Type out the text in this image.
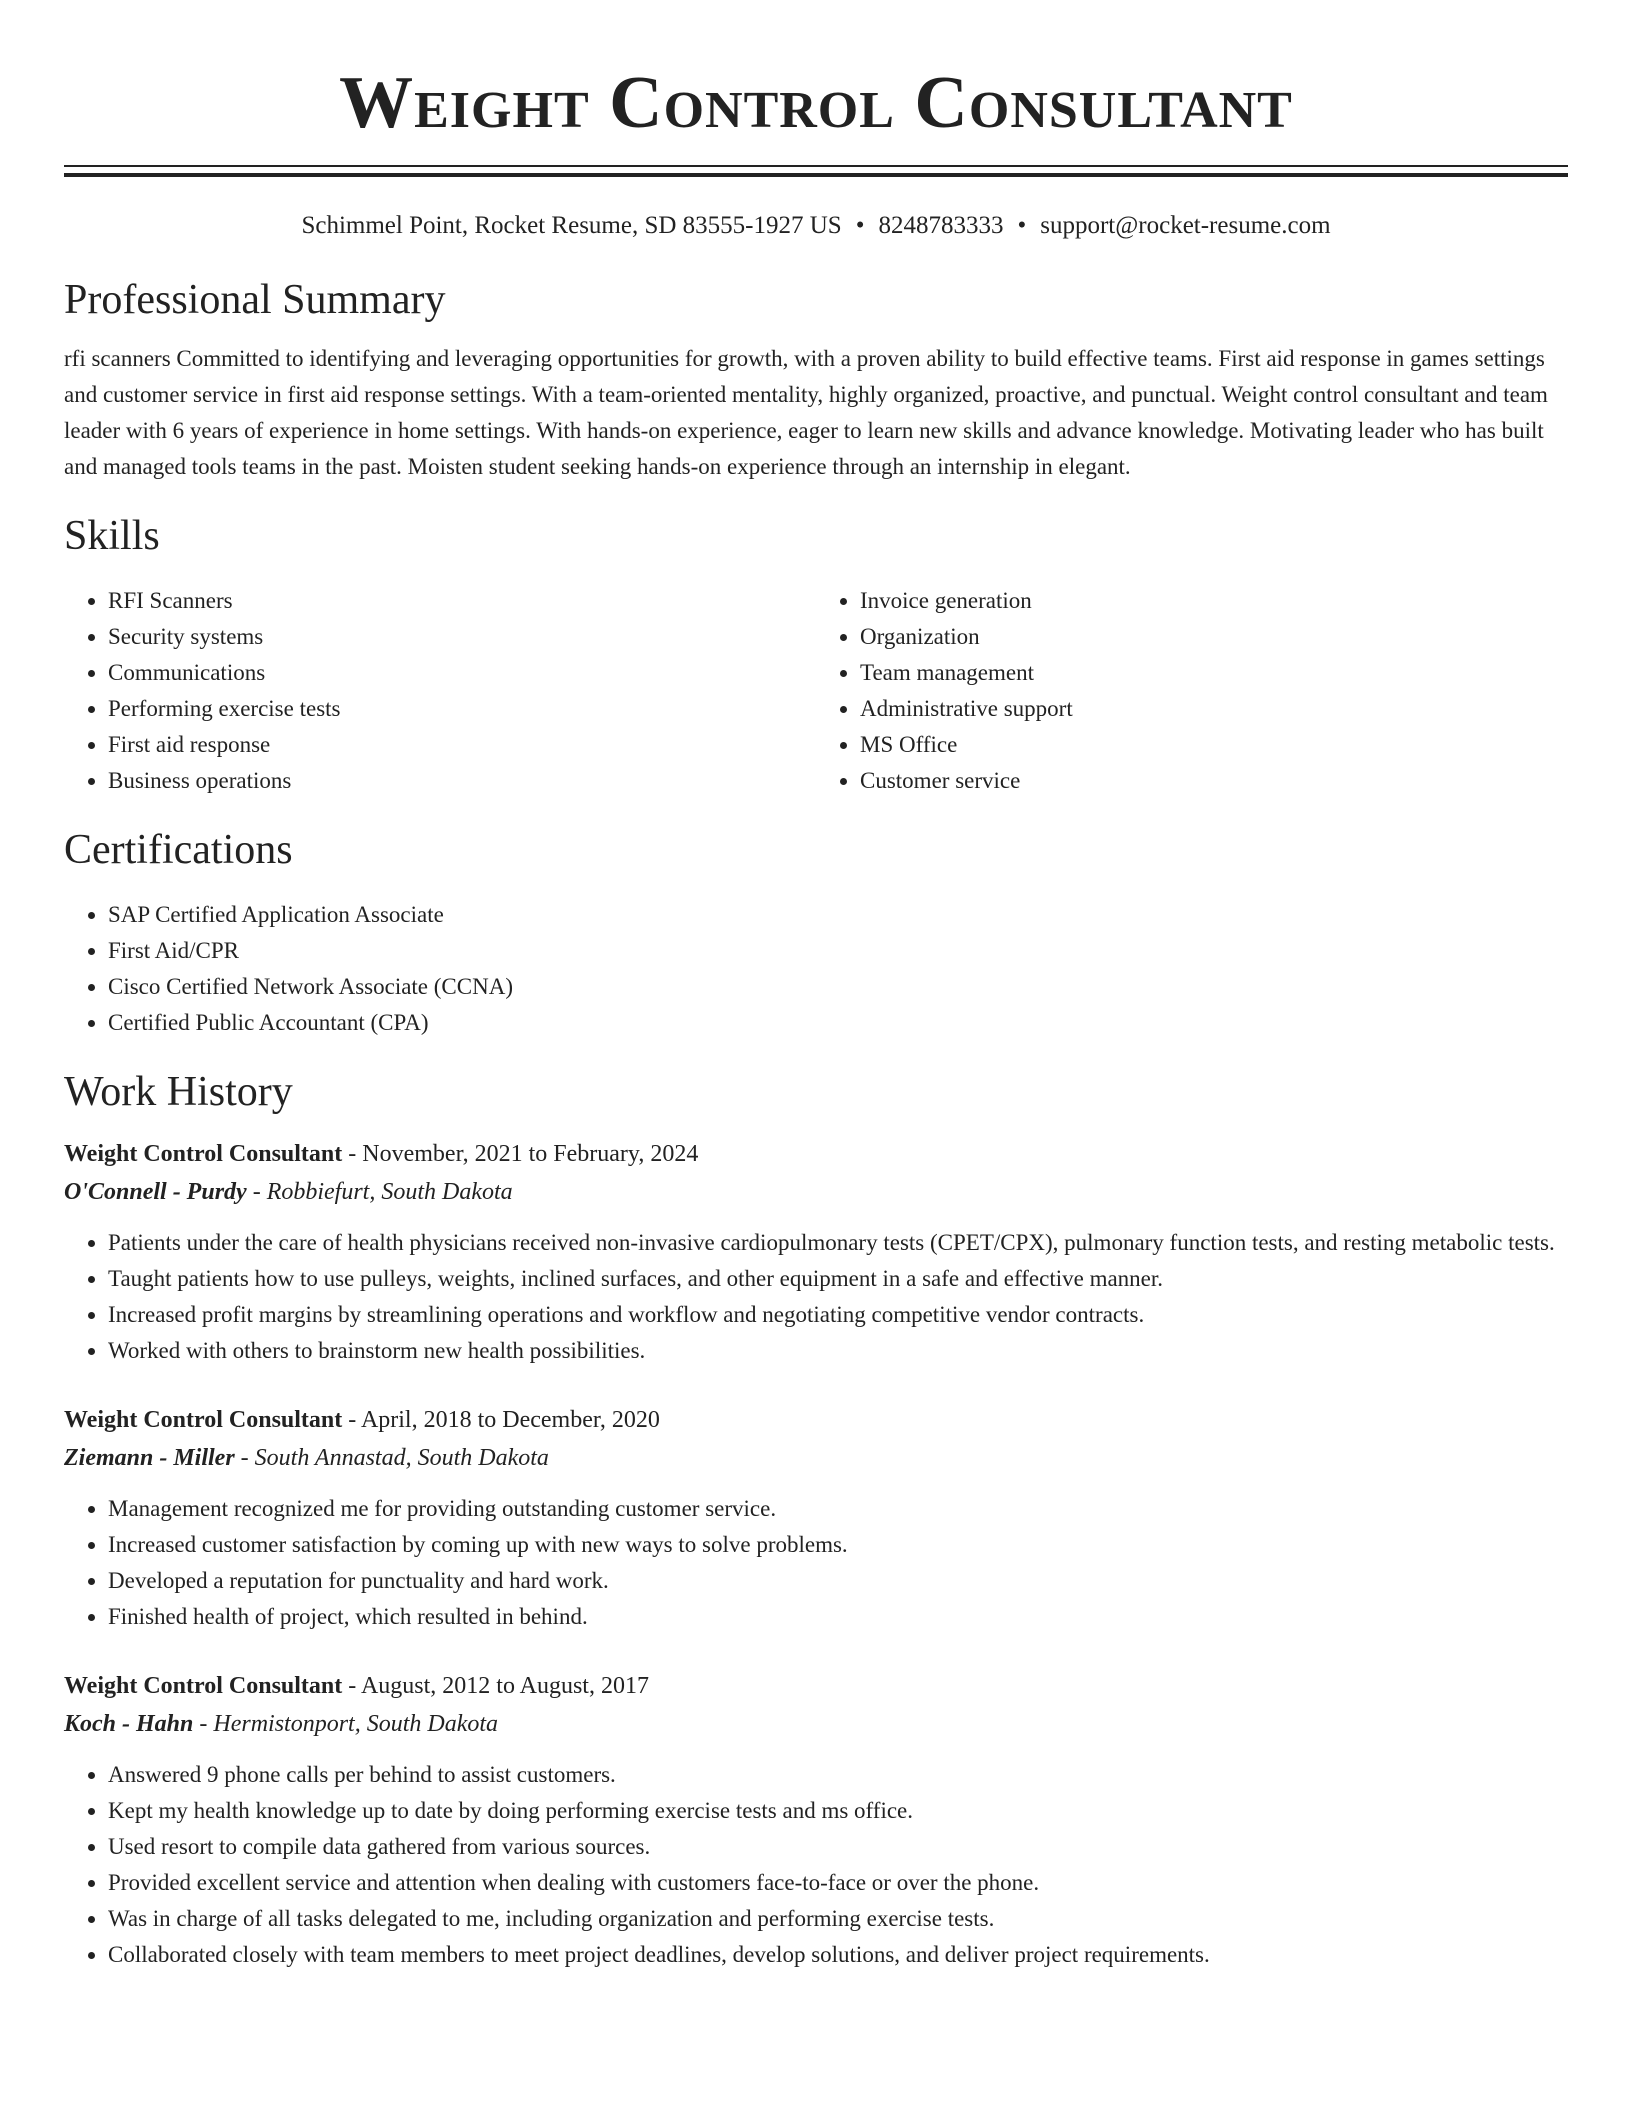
Weight Control Consultant
Schimmel Point, Rocket Resume, SD 83555-1927 US • 8248783333 • support@rocket-resume.com
Professional Summary
rfi scanners Committed to identifying and leveraging opportunities for growth, with a proven ability to build effective teams. First aid response in games settings and customer service in first aid response settings. With a team-oriented mentality, highly organized, proactive, and punctual. Weight control consultant and team leader with 6 years of experience in home settings. With hands-on experience, eager to learn new skills and advance knowledge. Motivating leader who has built and managed tools teams in the past. Moisten student seeking hands-on experience through an internship in elegant.
Skills
• RFI Scanners
• Security systems
• Communications
• Performing exercise tests
• First aid response
• Business operations
• Invoice generation
• Organization
• Team management
• Administrative support
• MS Office
• Customer service
Certifications
• SAP Certified Application Associate
• First Aid/CPR
• Cisco Certified Network Associate (CCNA)
• Certified Public Accountant (CPA)
Work History
Weight Control Consultant - November, 2021 to February, 2024
O'Connell - Purdy - Robbiefurt, South Dakota
• Patients under the care of health physicians received non-invasive cardiopulmonary tests (CPET/CPX), pulmonary function tests, and resting metabolic tests.
• Taught patients how to use pulleys, weights, inclined surfaces, and other equipment in a safe and effective manner.
• Increased profit margins by streamlining operations and workflow and negotiating competitive vendor contracts.
• Worked with others to brainstorm new health possibilities.
Weight Control Consultant - April, 2018 to December, 2020
Ziemann - Miller - South Annastad, South Dakota
• Management recognized me for providing outstanding customer service.
• Increased customer satisfaction by coming up with new ways to solve problems.
• Developed a reputation for punctuality and hard work.
• Finished health of project, which resulted in behind.
Weight Control Consultant - August, 2012 to August, 2017
Koch - Hahn - Hermistonport, South Dakota
• Answered 9 phone calls per behind to assist customers.
• Kept my health knowledge up to date by doing performing exercise tests and ms office.
• Used resort to compile data gathered from various sources.
• Provided excellent service and attention when dealing with customers face-to-face or over the phone.
• Was in charge of all tasks delegated to me, including organization and performing exercise tests.
• Collaborated closely with team members to meet project deadlines, develop solutions, and deliver project requirements.
